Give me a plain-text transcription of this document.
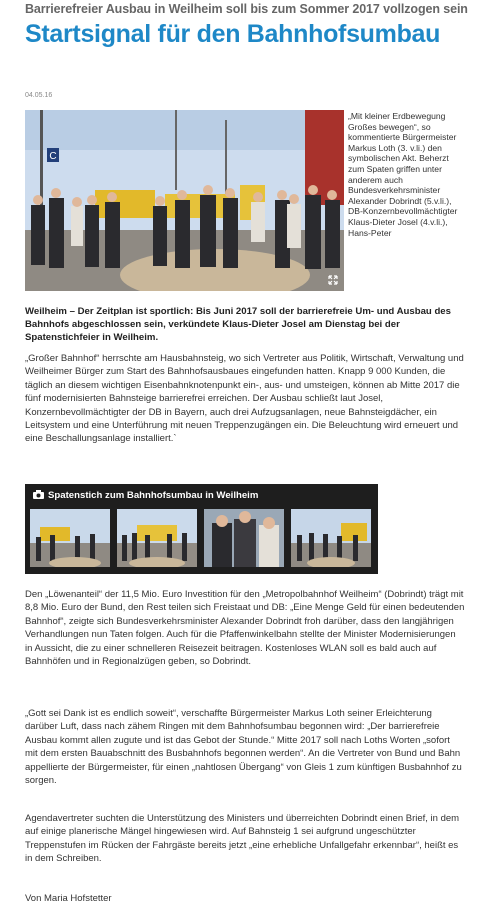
Barrierefreier Ausbau in Weilheim soll bis zum Sommer 2017 vollzogen sein
Startsignal für den Bahnhofsumbau
04.05.16
C
„Mit kleiner Erdbewegung Großes bewegen“, so kommentierte Bürgermeister Markus Loth (3. v.li.) den symbolischen Akt. Beherzt zum Spaten griffen unter anderem auch Bundesverkehrsminister Alexander Dobrindt (5.v.li.), DB-Konzernbevollmächtigter Klaus-Dieter Josel (4.v.li.), Hans-Peter
Weilheim – Der Zeitplan ist sportlich: Bis Juni 2017 soll der barrierefreie Um- und Ausbau des Bahnhofs abgeschlossen sein, verkündete Klaus-Dieter Josel am Dienstag bei der Spatenstichfeier in Weilheim.
„Großer Bahnhof“ herrschte am Hausbahnsteig, wo sich Vertreter aus Politik, Wirtschaft, Verwaltung und Weilheimer Bürger zum Start des Bahnhofsausbaues eingefunden hatten. Knapp 9 000 Kunden, die täglich an diesem wichtigen Eisenbahnknotenpunkt ein-, aus- und umsteigen, können ab Mitte 2017 die fünf modernisierten Bahnsteige barrierefrei erreichen. Der Ausbau schließt laut Josel, Konzernbevollmächtigter der DB in Bayern, auch drei Aufzugsanlagen, neue Bahnsteigdächer, ein Leitsystem und eine Unterführung mit neuen Treppenzugängen ein. Die Beleuchtung wird erneuert und eine Beschallungsanlage installiert.`
Spatenstich zum Bahnhofsumbau in Weilheim
Den „Löwenanteil“ der 11,5 Mio. Euro Investition für den „Metropolbahnhof Weilheim“ (Dobrindt) trägt mit 8,8 Mio. Euro der Bund, den Rest teilen sich Freistaat und DB: „Eine Menge Geld für einen bedeutenden Bahnhof“, zeigte sich Bundesverkehrsminister Alexander Dobrindt froh darüber, dass den langjährigen Verhandlungen nun Taten folgen. Auch für die Pfaffenwinkelbahn stellte der Minister Modernisierungen in Aussicht, die zu einer schnelleren Reisezeit beitragen. Kostenloses WLAN soll es bald auch auf Bahnhöfen und in Regionalzügen geben, so Dobrindt.
„Gott sei Dank ist es endlich soweit“, verschaffte Bürgermeister Markus Loth seiner Erleichterung darüber Luft, dass nach zähem Ringen mit dem Bahnhofsumbau begonnen wird: „Der barrierefreie Ausbau kommt allen zugute und ist das Gebot der Stunde.“ Mitte 2017 soll nach Loths Worten „sofort mit dem ersten Bauabschnitt des Busbahnhofs begonnen werden“. An die Vertreter von Bund und Bahn appellierte der Bürgermeister, für einen „nahtlosen Übergang“ von Gleis 1 zum künftigen Busbahnhof zu sorgen.
Agendavertreter suchten die Unterstützung des Ministers und überreichten Dobrindt einen Brief, in dem auf einige planerische Mängel hingewiesen wird. Auf Bahnsteig 1 sei aufgrund ungeschützter Treppenstufen im Rücken der Fahrgäste bereits jetzt „eine erhebliche Unfallgefahr erkennbar“, heißt es in dem Schreiben.
Von Maria Hofstetter
